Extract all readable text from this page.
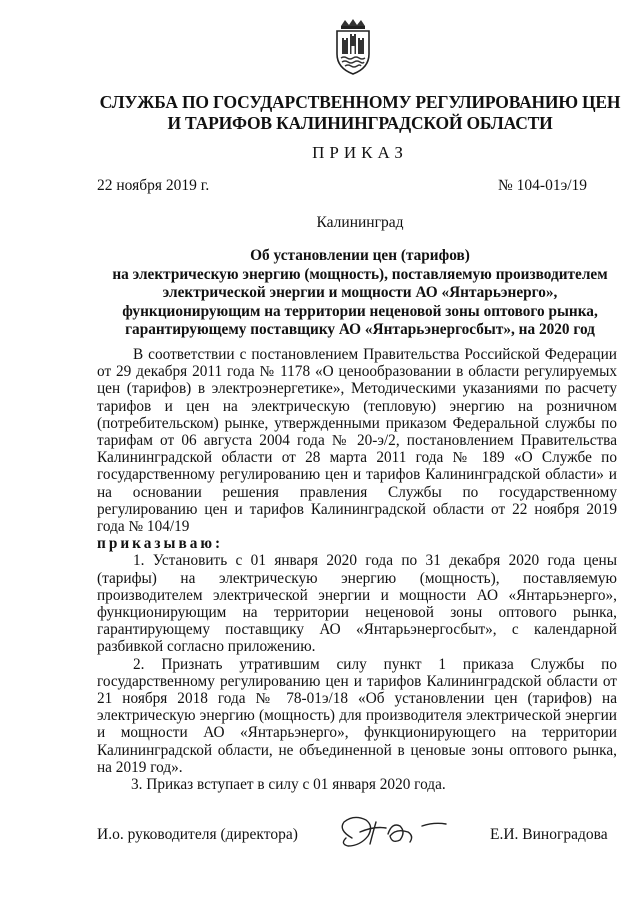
СЛУЖБА ПО ГОСУДАРСТВЕННОМУ РЕГУЛИРОВАНИЮ ЦЕН
И ТАРИФОВ КАЛИНИНГРАДСКОЙ ОБЛАСТИ
ПРИКАЗ
22 ноября 2019 г.	№ 104-01э/19
Калининград
Об установлении цен (тарифов)
на электрическую энергию (мощность), поставляемую производителем
электрической энергии и мощности АО «Янтарьэнерго»,
функционирующим на территории неценовой зоны оптового рынка,
гарантирующему поставщику АО «Янтарьэнергосбыт», на 2020 год

В соответствии с постановлением Правительства Российской Федерации от 29 декабря 2011 года № 1178 «О ценообразовании в области регулируемых цен (тарифов) в электроэнергетике», Методическими указаниями по расчету тарифов и цен на электрическую (тепловую) энергию на розничном (потребительском) рынке, утвержденными приказом Федеральной службы по тарифам от 06 августа 2004 года № 20-э/2, постановлением Правительства Калининградской области от 28 марта 2011 года № 189 «О Службе по государственному регулированию цен и тарифов Калининградской области» и на основании решения правления Службы по государственному регулированию цен и тарифов Калининградской области от 22 ноября 2019 года № 104/19

приказываю:

1. Установить с 01 января 2020 года по 31 декабря 2020 года цены (тарифы) на электрическую энергию (мощность), поставляемую производителем электрической энергии и мощности АО «Янтарьэнерго», функционирующим на территории неценовой зоны оптового рынка, гарантирующему поставщику АО «Янтарьэнергосбыт», с календарной разбивкой согласно приложению.

2. Признать утратившим силу пункт 1 приказа Службы по государственному регулированию цен и тарифов Калининградской области от 21 ноября 2018 года № 78-01э/18 «Об установлении цен (тарифов) на электрическую энергию (мощность) для производителя электрической энергии и мощности АО «Янтарьэнерго», функционирующего на территории Калининградской области, не объединенной в ценовые зоны оптового рынка, на 2019 год».

3. Приказ вступает в силу с 01 января 2020 года.

И.о. руководителя (директора)	Е.И. Виноградова
